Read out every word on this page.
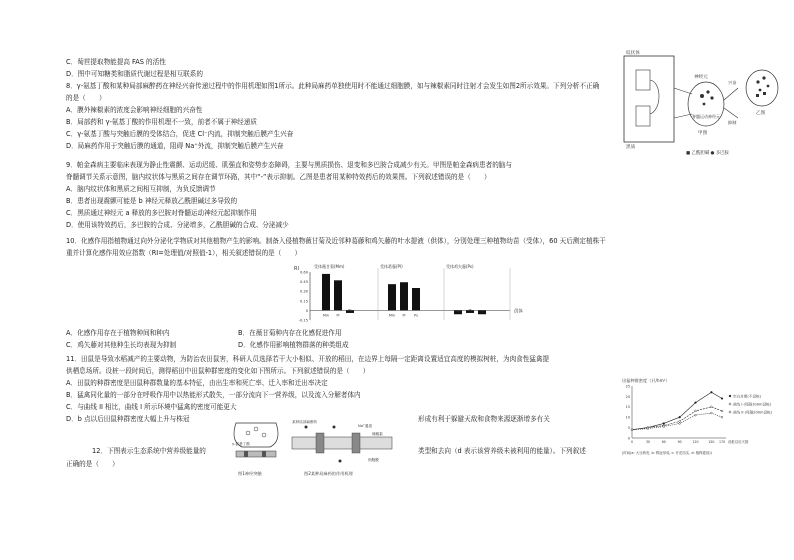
C．萄苣提取物能提高 FAS 的活性
D．图中可知糖类和脂质代谢过程是相互联系的
8．γ-氨基丁酸和某种局部麻醉药在神经兴奋传递过程中的作用机理如图1所示。此种局麻药单独使用时不能通过细胞膜，如与辣椒素同时注射才会发生如图2所示效果。下列分析不正确
的是（　　）
A．膜外辣椒素的浓度会影响神经细胞的兴奋性
B．局部药和 γ-氨基丁酸的作用机理不一致，前者不属于神经递质
C．γ-氨基丁酸与突触后膜的受体结合，促进 Cl⁻内流，抑制突触后膜产生兴奋
D．局麻药作用于突触后膜的通道，阻碍 Na⁺外流，抑制突触后膜产生兴奋
9．帕金森病主要临床表现为静止性震颤、运动迟缓、肌强直和姿势步态障碍，主要与黑质损伤、退变和多巴胺合成减少有关。甲图是帕金森病患者的脑与
脊髓调节关系示意图，脑内纹状体与黑质之间存在调节环路，其中“-”表示抑制。乙图是患者用某种特效药后的效果图。下列叙述错误的是（　　）
A．脑内纹状体和黑质之间相互抑制，为负反馈调节
B．患者出现震颤可能是 b 神经元释放乙酰胆碱过多导致的
C．黑质通过神经元 a 释放的多巴胺对脊髓运动神经元起抑制作用
D．使用该特效药后，多巴胺的合成、分泌增多，乙酰胆碱的合成、分泌减少
10．化感作用指植物通过向外分泌化学物质对其他植物产生的影响。制备入侵植物薇甘菊及近邻种葛藤和鸡矢藤的叶水提液（供体），分别处理三种植物幼苗（受体），60 天后测定植株干
重并计算化感作用效应指数（RI=处理值/对照值-1），相关叙述错误的是（　　）
A．化感作用存在于植物种间和种内	B．在薇甘菊种内存在化感促进作用
C．鸡矢藤对其他种生长均表现为抑制	D．化感作用影响植物群落的种类组成
11．田鼠是导致水稻减产的主要动物，为防治农田鼠害，科研人员选择若干大小相似、开放的稻田，在边界上每隔一定距离设置适宜高度的模拟树桩，为肉食性猛禽提
供栖息场所。设桩一段时间后，测得稻田中田鼠种群密度的变化如下图所示。下列叙述错误的是（　　）
A．田鼠的种群密度是田鼠种群数量的基本特征，由出生率和死亡率、迁入率和迁出率决定
B．猛禽同化量的一部分在呼吸作用中以热能形式散失，一部分流向下一营养级，以及流入分解者体内
C．与曲线 II 相比，曲线 I 所示环境中猛禽的密度可能更大
D．b 点以后田鼠种群密度大幅上升与株冠	形成有利于躲避天敌和食物来源逐渐增多有关
12．下图表示生态系统中营养级能量的	类型和去向（d 表示该营养级未被利用的能量）。下列叙述
正确的是（　　）
纹状体
黑质
神经元
甲图
脊髓运动神经元
乙图
兴奋
抑制
■ 乙酰胆碱 ● 多巴胺
RI
0.60
0.45
0.30
0.15
0
-0.15
供体
受体薇甘菊(Mm)
Mm Pl
Ps
受体葛藤(Pl)
Mm Pl	Ps
受体鸡矢藤(Ps)
Mm Pl	Ps
田鼠种群密度（只/hm²）
0
5
10
15
20
25
0	30	60	90	120	150 170 设桩以后天数
空白对照(不设桩)
曲线 I (每隔100m设桩)
曲线 II (每隔200m设桩)
(时间(a: 大豆萌发, b: 株冠形成, c: 开花结实, d: 植株萎蔫))
γ-氨基丁酸
图1神经突触
某种局部麻醉药
Na⁺通道
辣椒素
细胞膜
图2某种局麻药的作用机理
